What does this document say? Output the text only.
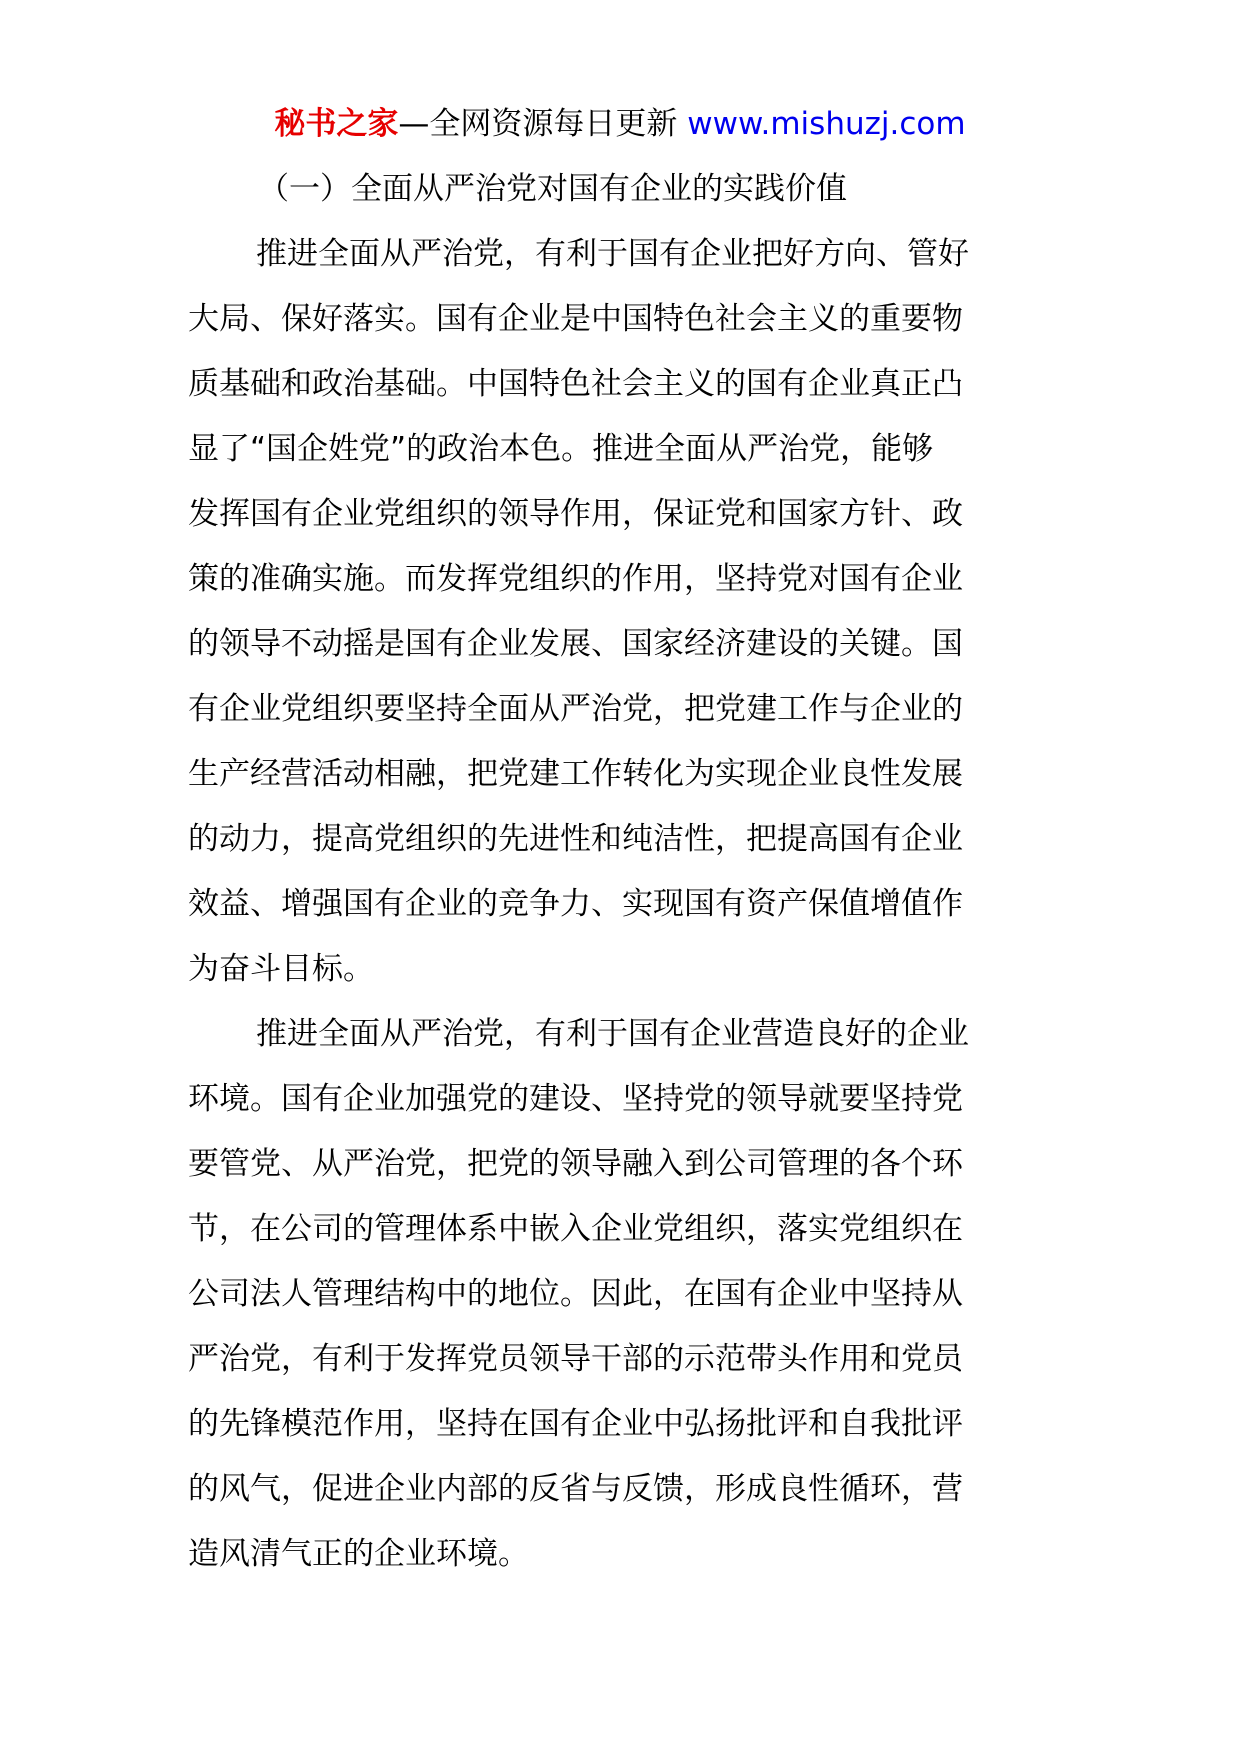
秘书之家—全网资源每日更新 www.mishuzj.com
（一）全面从严治党对国有企业的实践价值

推进全面从严治党，有利于国有企业把好方向、管好
大局、保好落实。国有企业是中国特色社会主义的重要物
质基础和政治基础。中国特色社会主义的国有企业真正凸
显了“国企姓党”的政治本色。推进全面从严治党，能够
发挥国有企业党组织的领导作用，保证党和国家方针、政
策的准确实施。而发挥党组织的作用，坚持党对国有企业
的领导不动摇是国有企业发展、国家经济建设的关键。国
有企业党组织要坚持全面从严治党，把党建工作与企业的
生产经营活动相融，把党建工作转化为实现企业良性发展
的动力，提高党组织的先进性和纯洁性，把提高国有企业
效益、增强国有企业的竞争力、实现国有资产保值增值作
为奋斗目标。

推进全面从严治党，有利于国有企业营造良好的企业
环境。国有企业加强党的建设、坚持党的领导就要坚持党
要管党、从严治党，把党的领导融入到公司管理的各个环
节，在公司的管理体系中嵌入企业党组织，落实党组织在
公司法人管理结构中的地位。因此，在国有企业中坚持从
严治党，有利于发挥党员领导干部的示范带头作用和党员
的先锋模范作用，坚持在国有企业中弘扬批评和自我批评
的风气，促进企业内部的反省与反馈，形成良性循环，营
造风清气正的企业环境。
